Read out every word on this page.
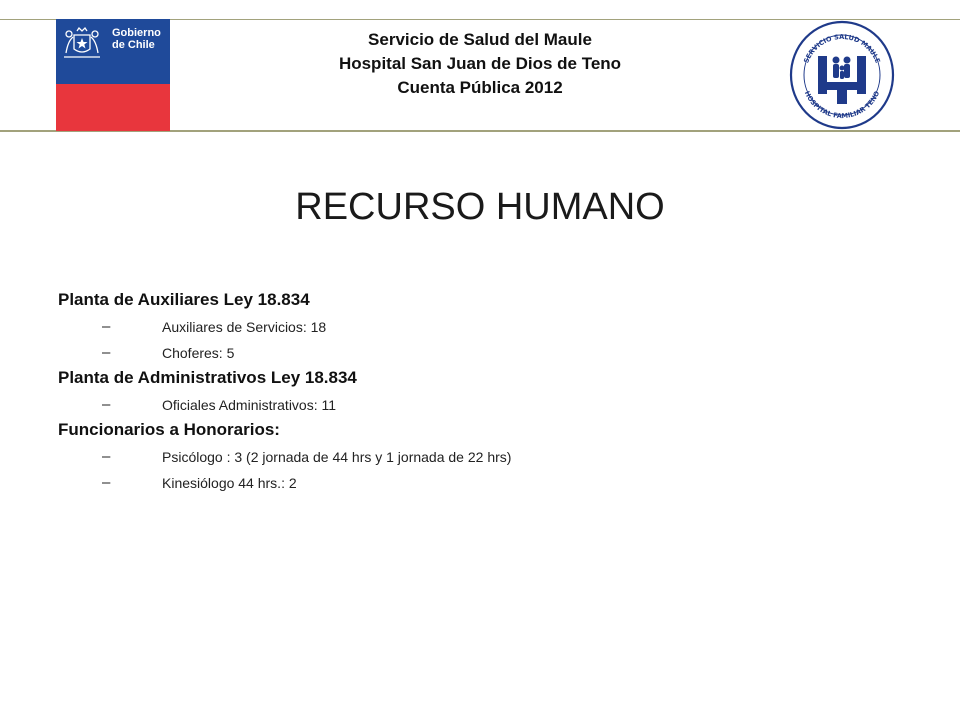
Gobierno
de Chile	Servicio de Salud del Maule
Hospital San Juan de Dios de Teno
Cuenta Pública 2012
SERVICIO SALUD MAULE
HOSPITAL FAMILIAR TENO
RECURSO HUMANO
Planta de Auxiliares Ley 18.834
–	Auxiliares de Servicios: 18
–	Choferes: 5
Planta de Administrativos Ley 18.834
–	Oficiales Administrativos: 11
Funcionarios a Honorarios:
–	Psicólogo : 3 (2 jornada de 44 hrs y 1 jornada de 22 hrs)
–	Kinesiólogo 44 hrs.: 2
